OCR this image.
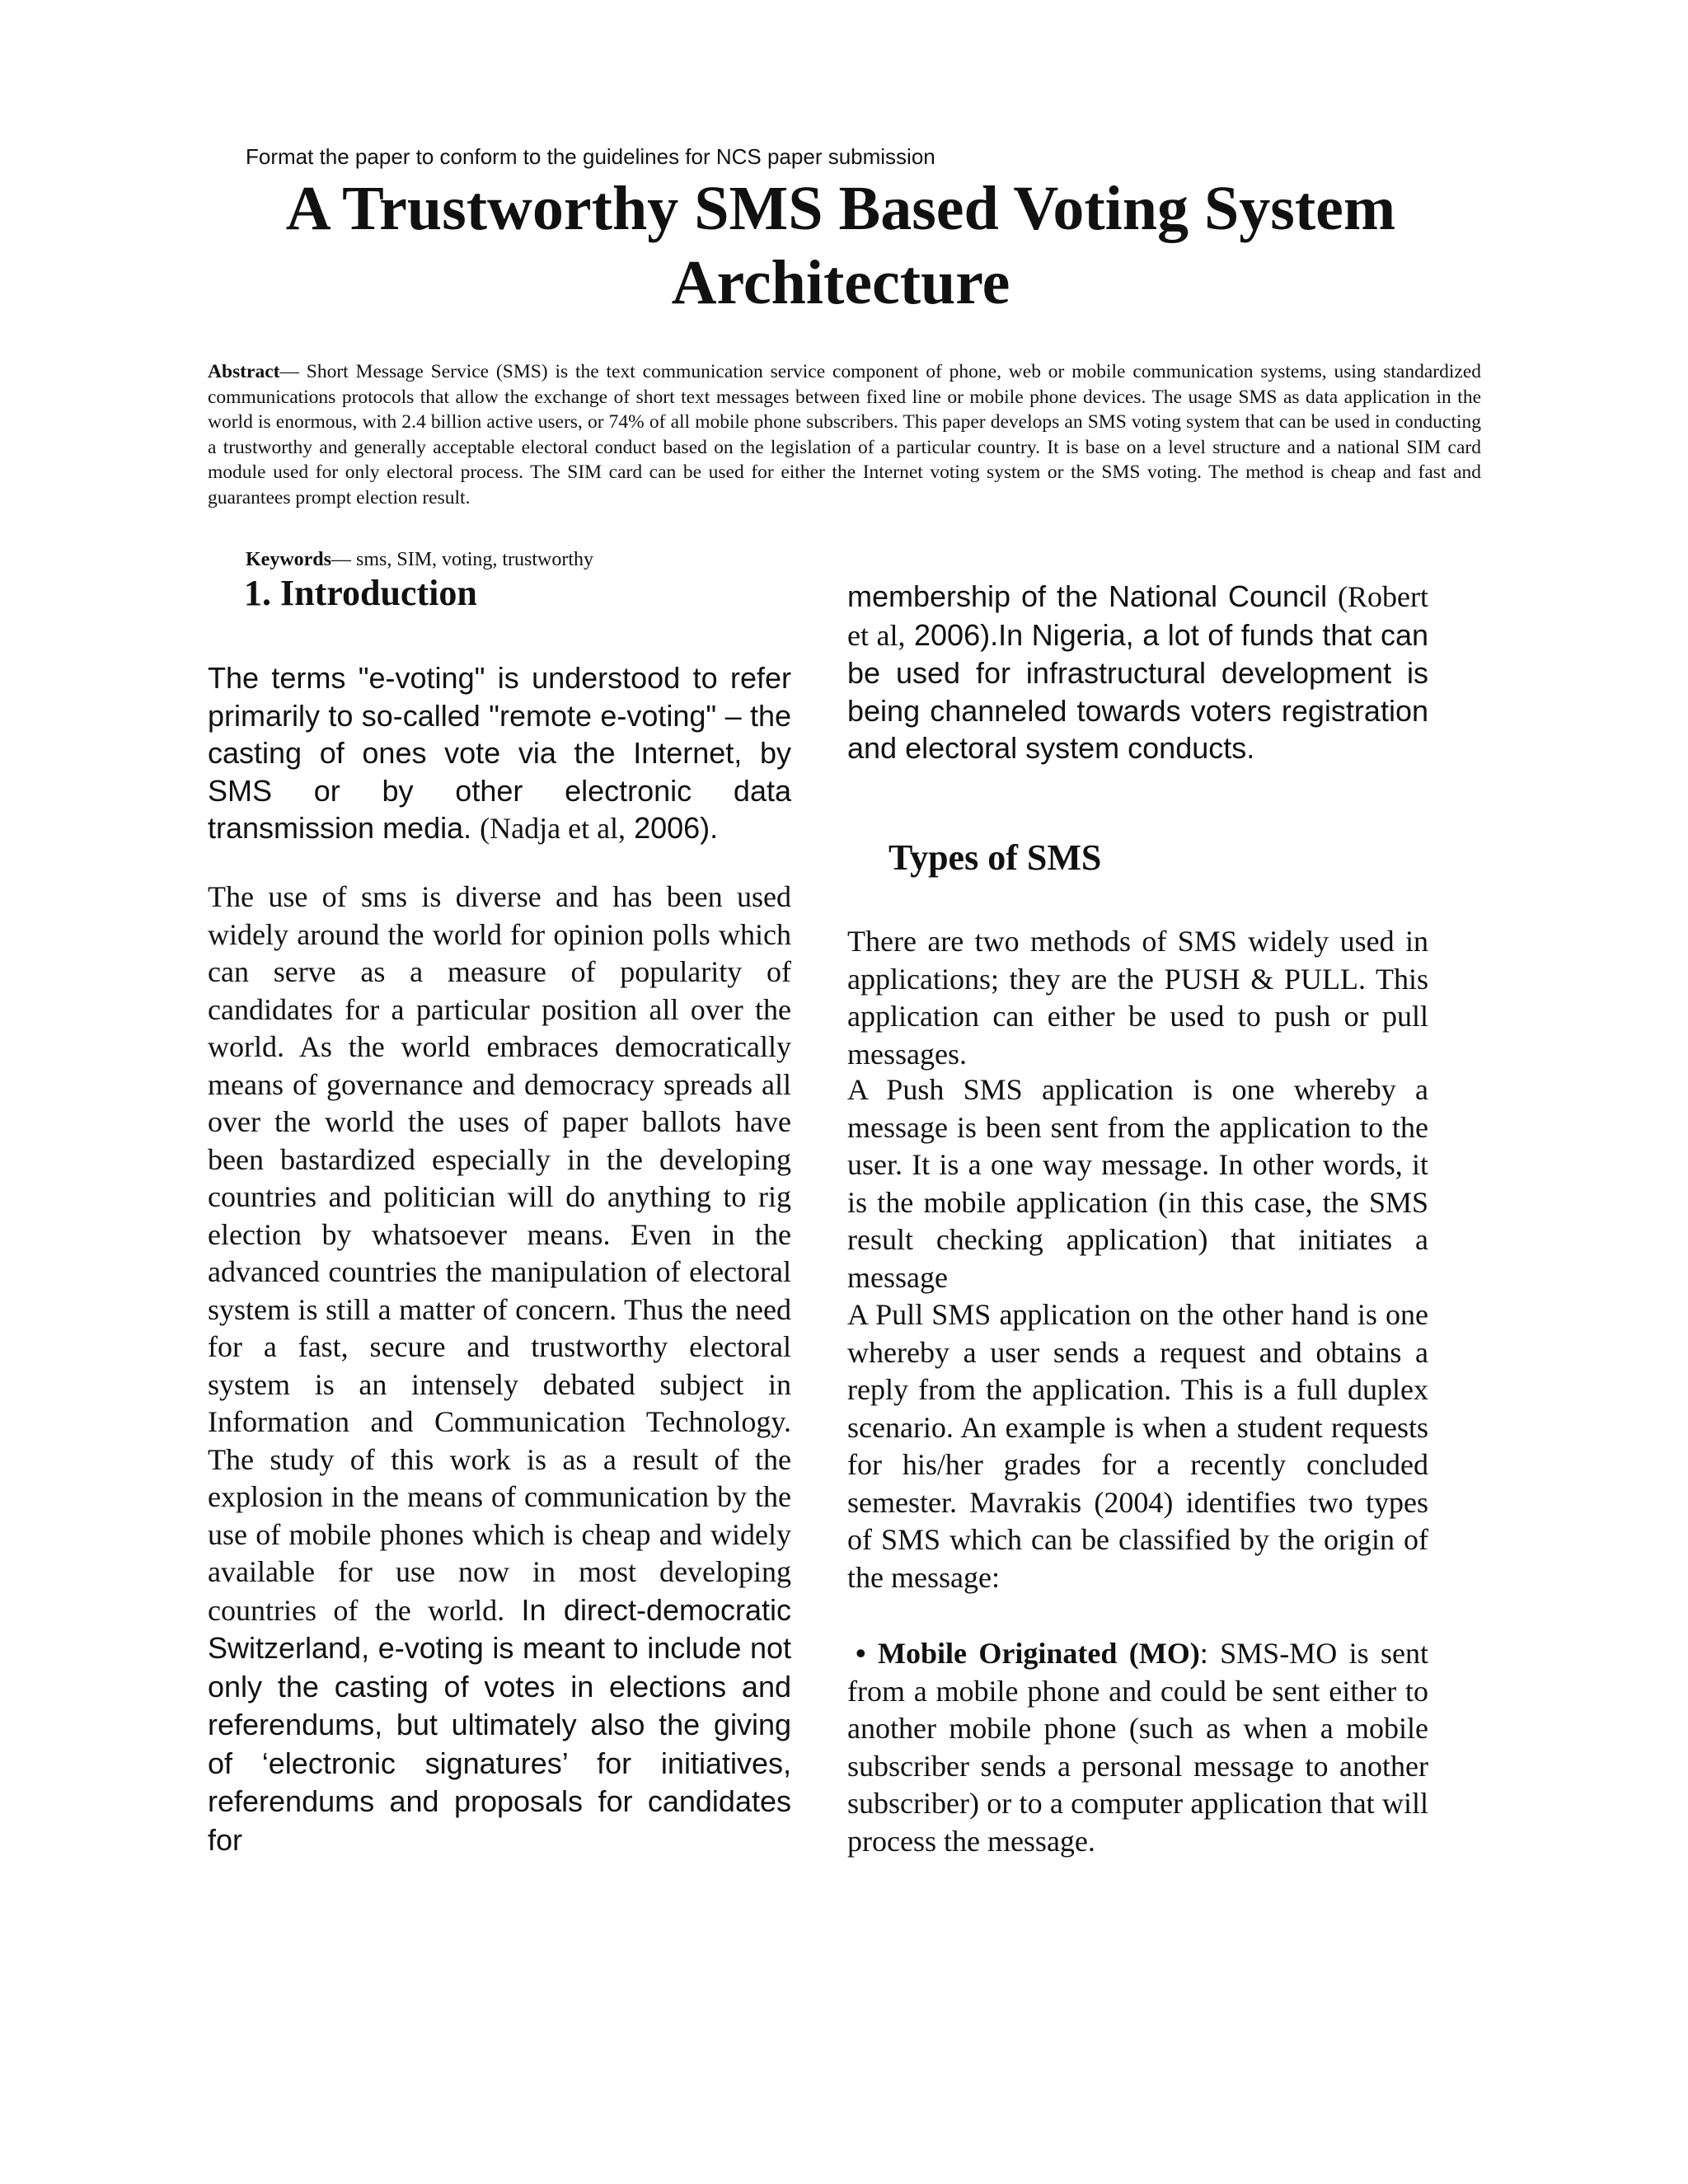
Format the paper to conform to the guidelines for NCS paper submission

A Trustworthy SMS Based Voting System Architecture

Abstract— Short Message Service (SMS) is the text communication service component of phone, web or mobile communication systems, using standardized communications protocols that allow the exchange of short text messages between fixed line or mobile phone devices. The usage SMS as data application in the world is enormous, with 2.4 billion active users, or 74% of all mobile phone subscribers. This paper develops an SMS voting system that can be used in conducting a trustworthy and generally acceptable electoral conduct based on the legislation of a particular country. It is base on a level structure and a national SIM card module used for only electoral process. The SIM card can be used for either the Internet voting system or the SMS voting. The method is cheap and fast and guarantees prompt election result.

Keywords— sms, SIM, voting, trustworthy

1. Introduction

The terms "e-voting" is understood to refer primarily to so-called "remote e-voting" – the casting of ones vote via the Internet, by SMS or by other electronic data transmission media. (Nadja et al, 2006).

The use of sms is diverse and has been used widely around the world for opinion polls which can serve as a measure of popularity of candidates for a particular position all over the world. As the world embraces democratically means of governance and democracy spreads all over the world the uses of paper ballots have been bastardized especially in the developing countries and politician will do anything to rig election by whatsoever means. Even in the advanced countries the manipulation of electoral system is still a matter of concern. Thus the need for a fast, secure and trustworthy electoral system is an intensely debated subject in Information and Communication Technology. The study of this work is as a result of the explosion in the means of communication by the use of mobile phones which is cheap and widely available for use now in most developing countries of the world. In direct-democratic Switzerland, e-voting is meant to include not only the casting of votes in elections and referendums, but ultimately also the giving of ‘electronic signatures’ for initiatives, referendums and proposals for candidates for

membership of the National Council (Robert et al, 2006).In Nigeria, a lot of funds that can be used for infrastructural development is being channeled towards voters registration and electoral system conducts.

Types of SMS

There are two methods of SMS widely used in applications; they are the PUSH & PULL. This application can either be used to push or pull messages.

A Push SMS application is one whereby a message is been sent from the application to the user. It is a one way message. In other words, it is the mobile application (in this case, the SMS result checking application) that initiates a message

A Pull SMS application on the other hand is one whereby a user sends a request and obtains a reply from the application. This is a full duplex scenario. An example is when a student requests for his/her grades for a recently concluded semester. Mavrakis (2004) identifies two types of SMS which can be classified by the origin of the message:

• Mobile Originated (MO): SMS-MO is sent from a mobile phone and could be sent either to another mobile phone (such as when a mobile subscriber sends a personal message to another subscriber) or to a computer application that will process the message.
